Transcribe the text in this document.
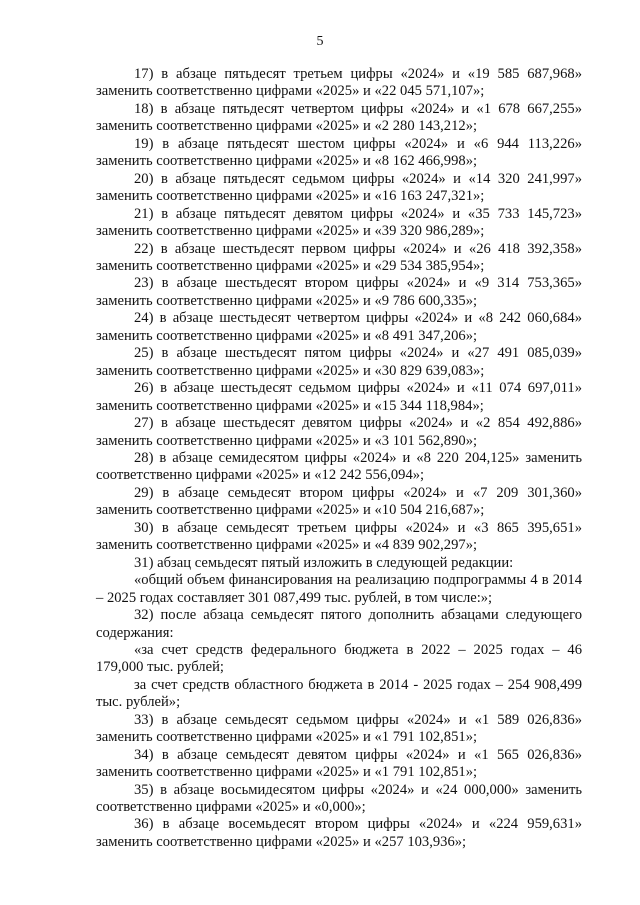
5

17) в абзаце пятьдесят третьем цифры «2024» и «19 585 687,968» заменить соответственно цифрами «2025» и «22 045 571,107»;

18) в абзаце пятьдесят четвертом цифры «2024» и «1 678 667,255» заменить соответственно цифрами «2025» и «2 280 143,212»;

19) в абзаце пятьдесят шестом цифры «2024» и «6 944 113,226» заменить соответственно цифрами «2025» и «8 162 466,998»;

20) в абзаце пятьдесят седьмом цифры «2024» и «14 320 241,997» заменить соответственно цифрами «2025» и «16 163 247,321»;

21) в абзаце пятьдесят девятом цифры «2024» и «35 733 145,723» заменить соответственно цифрами «2025» и «39 320 986,289»;

22) в абзаце шестьдесят первом цифры «2024» и «26 418 392,358» заменить соответственно цифрами «2025» и «29 534 385,954»;

23) в абзаце шестьдесят втором цифры «2024» и «9 314 753,365» заменить соответственно цифрами «2025» и «9 786 600,335»;

24) в абзаце шестьдесят четвертом цифры «2024» и «8 242 060,684» заменить соответственно цифрами «2025» и «8 491 347,206»;

25) в абзаце шестьдесят пятом цифры «2024» и «27 491 085,039» заменить соответственно цифрами «2025» и «30 829 639,083»;

26) в абзаце шестьдесят седьмом цифры «2024» и «11 074 697,011» заменить соответственно цифрами «2025» и «15 344 118,984»;

27) в абзаце шестьдесят девятом цифры «2024» и «2 854 492,886» заменить соответственно цифрами «2025» и «3 101 562,890»;

28) в абзаце семидесятом цифры «2024» и «8 220 204,125» заменить соответственно цифрами «2025» и «12 242 556,094»;

29) в абзаце семьдесят втором цифры «2024» и «7 209 301,360» заменить соответственно цифрами «2025» и «10 504 216,687»;

30) в абзаце семьдесят третьем цифры «2024» и «3 865 395,651» заменить соответственно цифрами «2025» и «4 839 902,297»;

31) абзац семьдесят пятый изложить в следующей редакции:

«общий объем финансирования на реализацию подпрограммы 4 в 2014 – 2025 годах составляет 301 087,499 тыс. рублей, в том числе:»;

32) после абзаца семьдесят пятого дополнить абзацами следующего содержания:

«за счет средств федерального бюджета в 2022 – 2025 годах – 46 179,000 тыс. рублей;

за счет средств областного бюджета в 2014 - 2025 годах – 254 908,499 тыс. рублей»;

33) в абзаце семьдесят седьмом цифры «2024» и «1 589 026,836» заменить соответственно цифрами «2025» и «1 791 102,851»;

34) в абзаце семьдесят девятом цифры «2024» и «1 565 026,836» заменить соответственно цифрами «2025» и «1 791 102,851»;

35) в абзаце восьмидесятом цифры «2024» и «24 000,000» заменить соответственно цифрами «2025» и «0,000»;

36) в абзаце восемьдесят втором цифры «2024» и «224 959,631» заменить соответственно цифрами «2025» и «257 103,936»;
